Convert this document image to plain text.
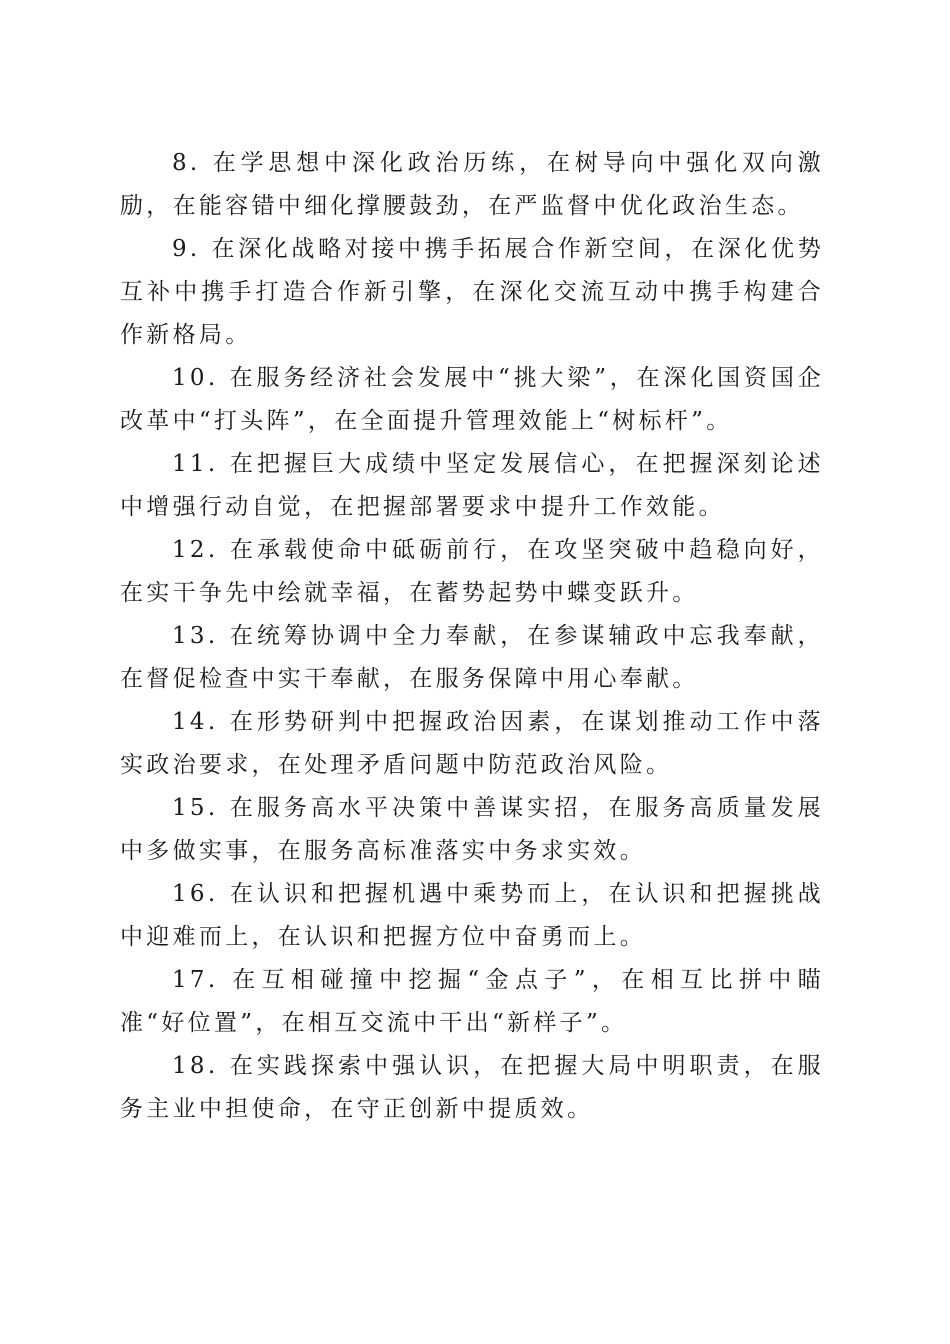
8. 在学思想中深化政治历练，在树导向中强化双向激励，在能容错中细化撑腰鼓劲，在严监督中优化政治生态。

9. 在深化战略对接中携手拓展合作新空间，在深化优势互补中携手打造合作新引擎，在深化交流互动中携手构建合作新格局。

10. 在服务经济社会发展中“挑大梁”，在深化国资国企改革中“打头阵”，在全面提升管理效能上“树标杆”。

11. 在把握巨大成绩中坚定发展信心，在把握深刻论述中增强行动自觉，在把握部署要求中提升工作效能。

12. 在承载使命中砥砺前行，在攻坚突破中趋稳向好，在实干争先中绘就幸福，在蓄势起势中蝶变跃升。

13. 在统筹协调中全力奉献，在参谋辅政中忘我奉献，在督促检查中实干奉献，在服务保障中用心奉献。

14. 在形势研判中把握政治因素，在谋划推动工作中落实政治要求，在处理矛盾问题中防范政治风险。

15. 在服务高水平决策中善谋实招，在服务高质量发展中多做实事，在服务高标准落实中务求实效。

16. 在认识和把握机遇中乘势而上，在认识和把握挑战中迎难而上，在认识和把握方位中奋勇而上。

17. 在互相碰撞中挖掘“金点子”，在相互比拼中瞄准“好位置”，在相互交流中干出“新样子”。

18. 在实践探索中强认识，在把握大局中明职责，在服务主业中担使命，在守正创新中提质效。
